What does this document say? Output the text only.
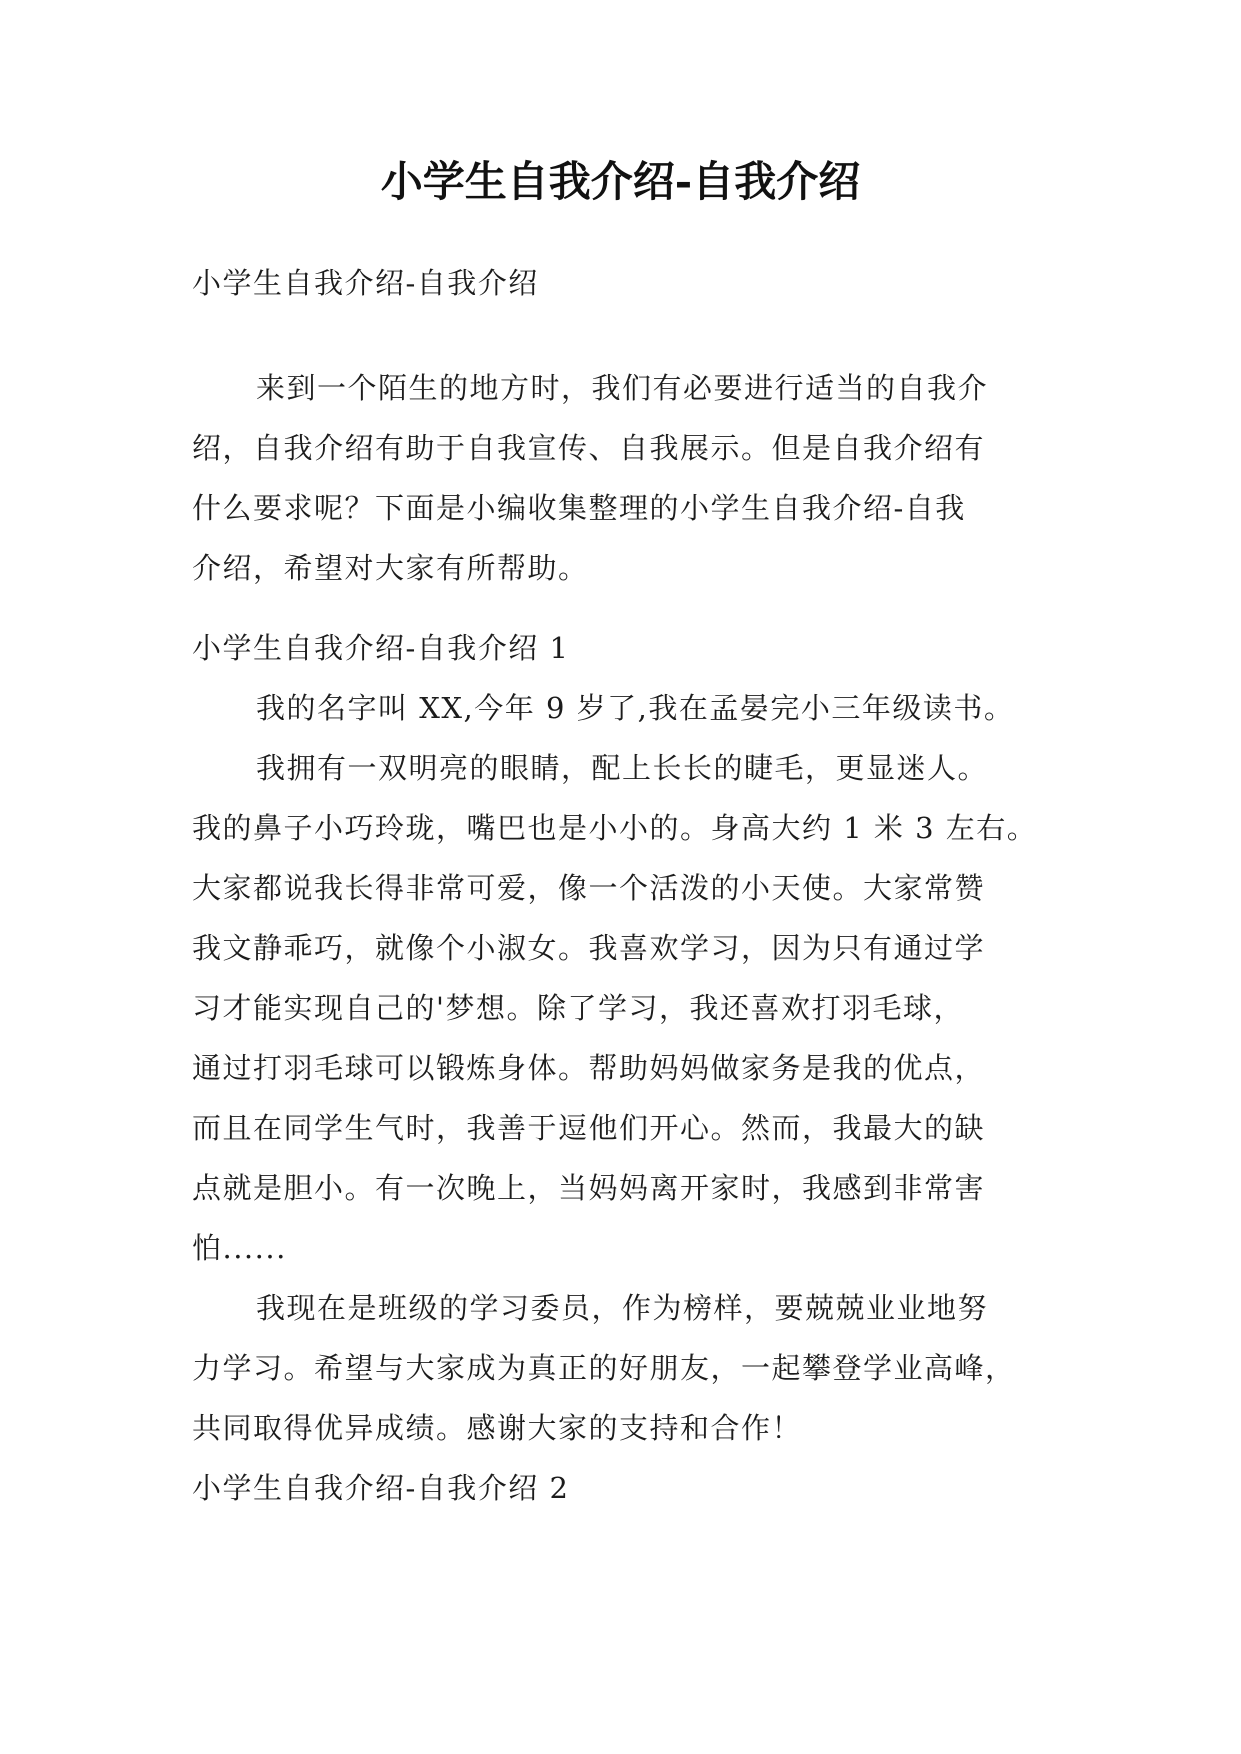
小学生自我介绍-自我介绍
小学生自我介绍-自我介绍
来到一个陌生的地方时，我们有必要进行适当的自我介
绍，自我介绍有助于自我宣传、自我展示。但是自我介绍有
什么要求呢？下面是小编收集整理的小学生自我介绍-自我
介绍，希望对大家有所帮助。
小学生自我介绍-自我介绍 1
我的名字叫 XX,今年 9 岁了,我在孟晏完小三年级读书。
我拥有一双明亮的眼睛，配上长长的睫毛，更显迷人。
我的鼻子小巧玲珑，嘴巴也是小小的。身高大约 1 米 3 左右。
大家都说我长得非常可爱，像一个活泼的小天使。大家常赞
我文静乖巧，就像个小淑女。我喜欢学习，因为只有通过学
习才能实现自己的'梦想。除了学习，我还喜欢打羽毛球，
通过打羽毛球可以锻炼身体。帮助妈妈做家务是我的优点，
而且在同学生气时，我善于逗他们开心。然而，我最大的缺
点就是胆小。有一次晚上，当妈妈离开家时，我感到非常害
怕......
我现在是班级的学习委员，作为榜样，要兢兢业业地努
力学习。希望与大家成为真正的好朋友，一起攀登学业高峰，
共同取得优异成绩。感谢大家的支持和合作！
小学生自我介绍-自我介绍 2
